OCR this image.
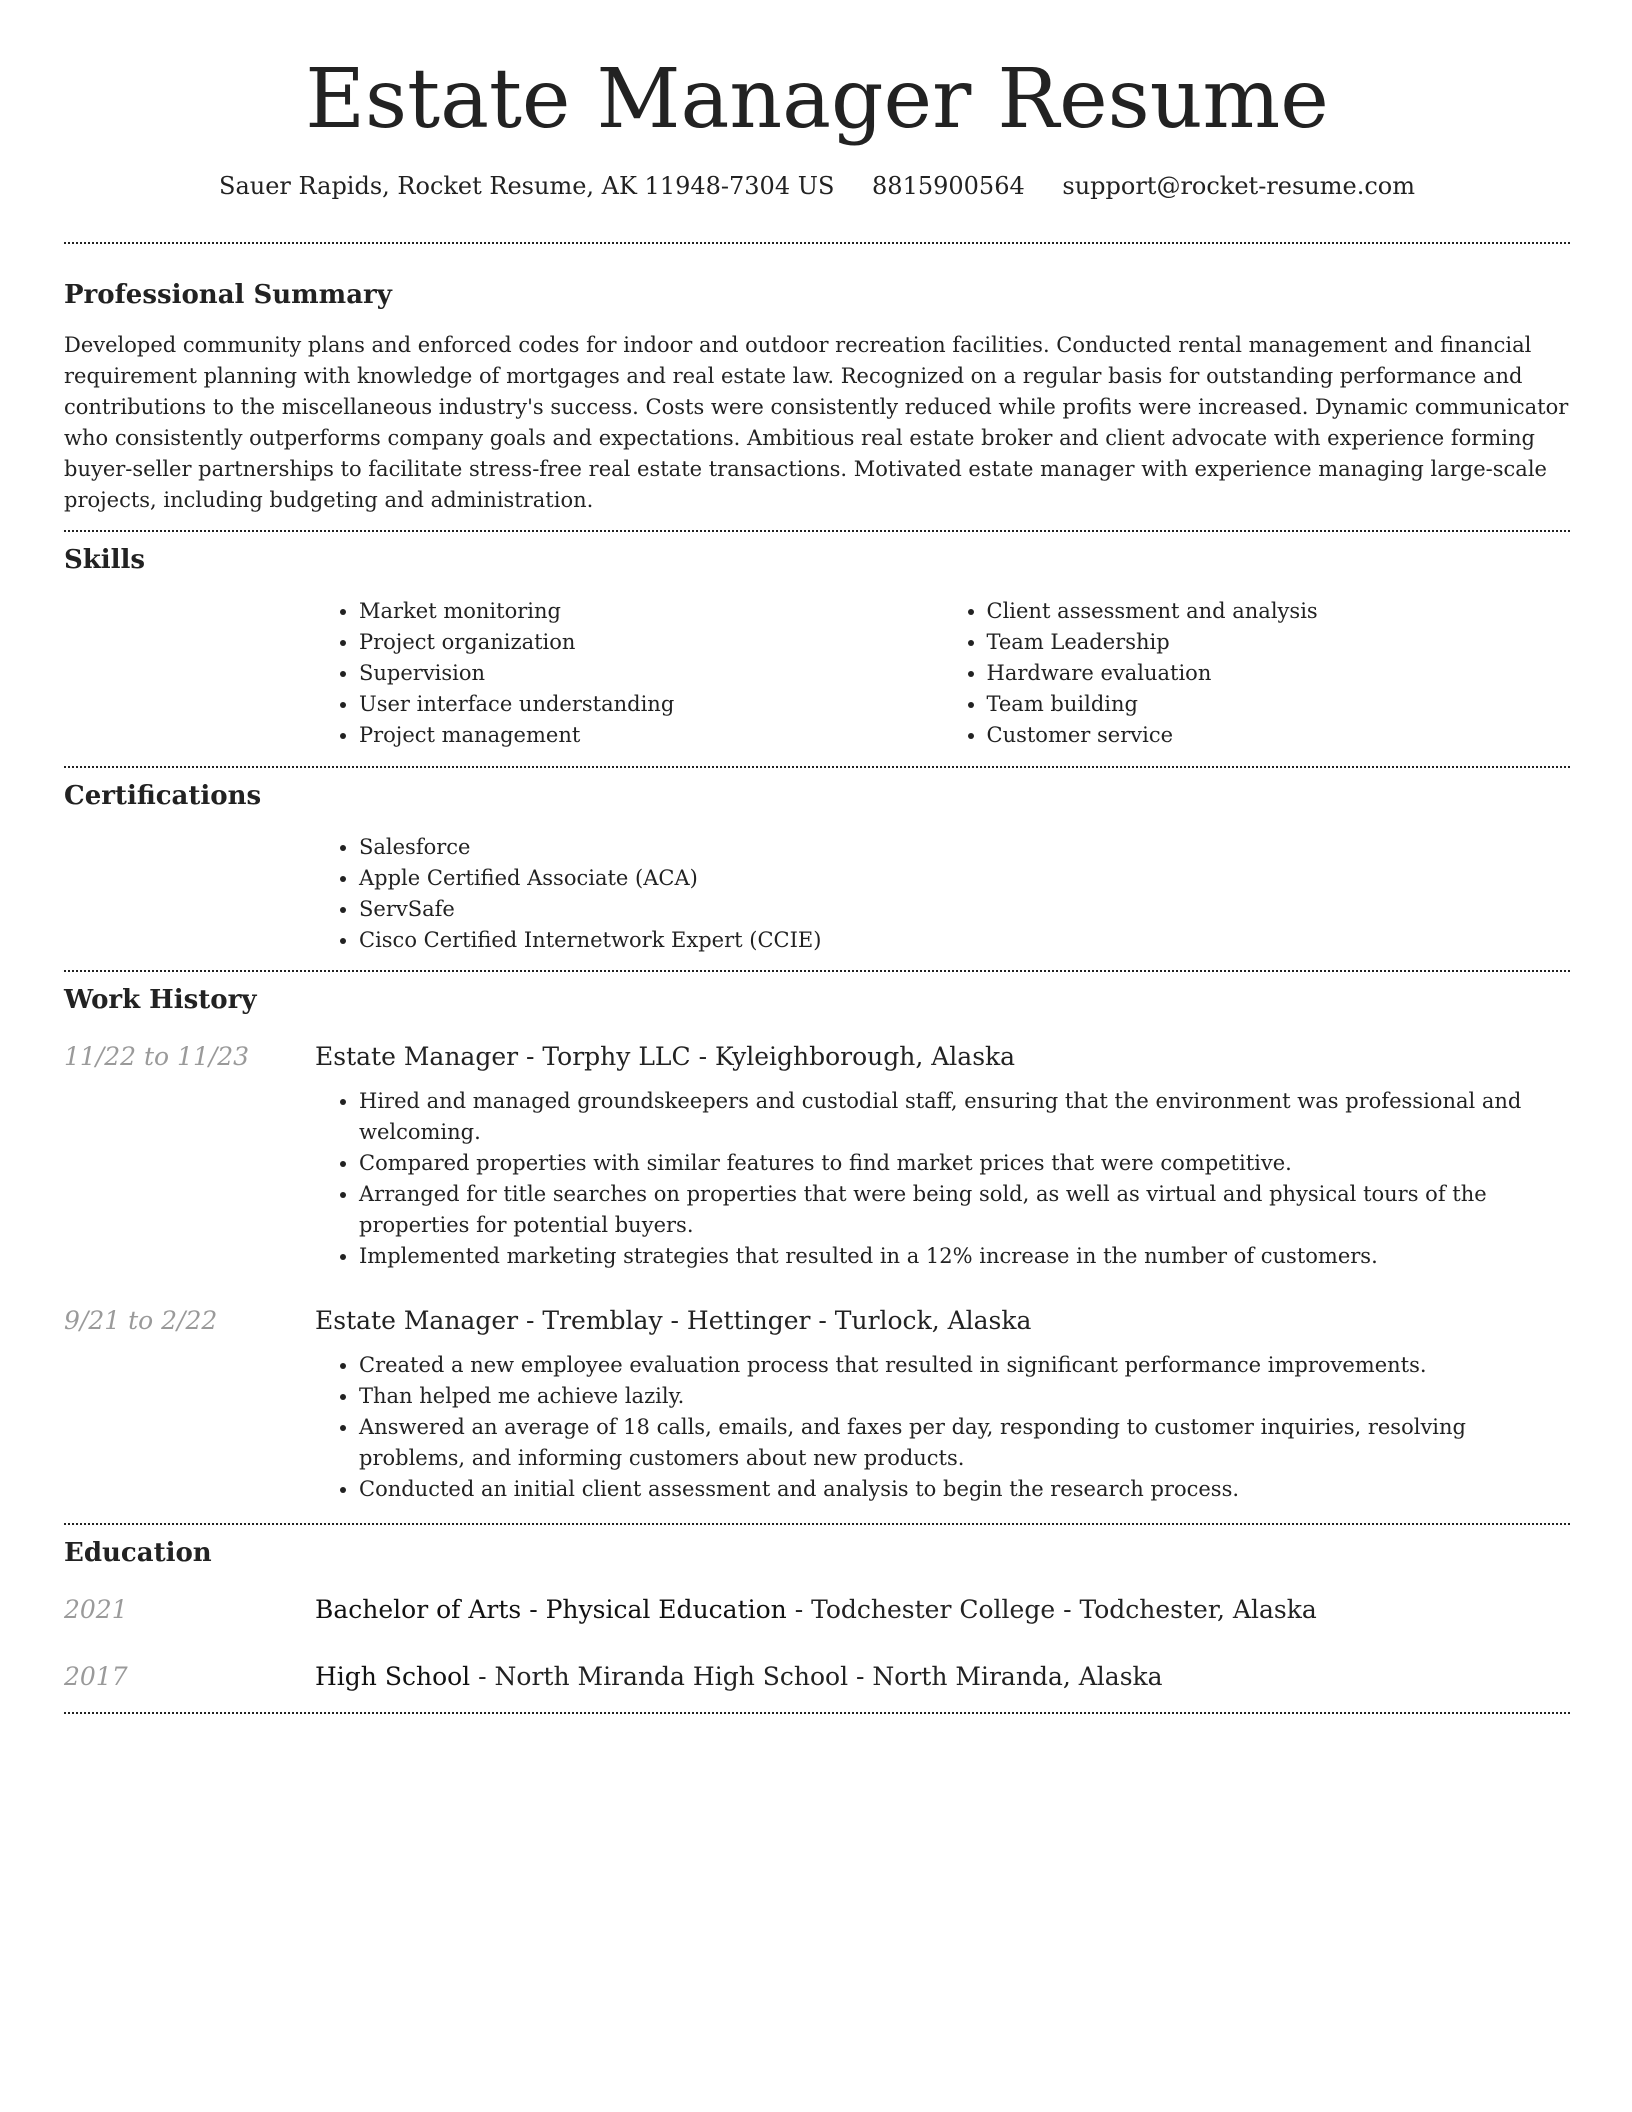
Estate Manager Resume
Sauer Rapids, Rocket Resume, AK 11948-7304 US 8815900564 support@rocket-resume.com
Professional Summary

Developed community plans and enforced codes for indoor and outdoor recreation facilities. Conducted rental management and financial requirement planning with knowledge of mortgages and real estate law. Recognized on a regular basis for outstanding performance and contributions to the miscellaneous industry's success. Costs were consistently reduced while profits were increased. Dynamic communicator who consistently outperforms company goals and expectations. Ambitious real estate broker and client advocate with experience forming buyer-seller partnerships to facilitate stress-free real estate transactions. Motivated estate manager with experience managing large-scale projects, including budgeting and administration.

Skills
• Market monitoring
• Project organization
• Supervision
• User interface understanding
• Project management
• Client assessment and analysis
• Team Leadership
• Hardware evaluation
• Team building
• Customer service
Certifications
• Salesforce
• Apple Certified Associate (ACA)
• ServSafe
• Cisco Certified Internetwork Expert (CCIE)
Work History
11/22 to 11/23	Estate Manager - Torphy LLC - Kyleighborough, Alaska
• Hired and managed groundskeepers and custodial staff, ensuring that the environment was professional and welcoming.
• Compared properties with similar features to find market prices that were competitive.
• Arranged for title searches on properties that were being sold, as well as virtual and physical tours of the properties for potential buyers.
• Implemented marketing strategies that resulted in a 12% increase in the number of customers.
9/21 to 2/22	Estate Manager - Tremblay - Hettinger - Turlock, Alaska
• Created a new employee evaluation process that resulted in significant performance improvements.
• Than helped me achieve lazily.
• Answered an average of 18 calls, emails, and faxes per day, responding to customer inquiries, resolving problems, and informing customers about new products.
• Conducted an initial client assessment and analysis to begin the research process.
Education
2021	Bachelor of Arts - Physical Education - Todchester College - Todchester, Alaska
2017	High School - North Miranda High School - North Miranda, Alaska
